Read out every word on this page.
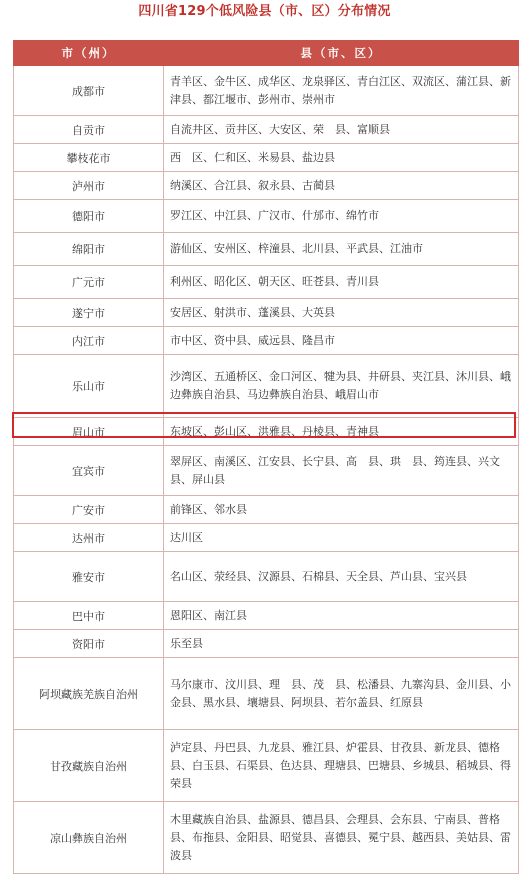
四川省129个低风险县（市、区）分布情况
市（州）	县（市、区）
成都市	青羊区、金牛区、成华区、龙泉驿区、青白江区、双流区、蒲江县、新津县、都江堰市、彭州市、崇州市
自贡市	自流井区、贡井区、大安区、荣　县、富顺县
攀枝花市	西　区、仁和区、米易县、盐边县
泸州市	纳溪区、合江县、叙永县、古蔺县
德阳市	罗江区、中江县、广汉市、什邡市、绵竹市
绵阳市	游仙区、安州区、梓潼县、北川县、平武县、江油市
广元市	利州区、昭化区、朝天区、旺苍县、青川县
遂宁市	安居区、射洪市、蓬溪县、大英县
内江市	市中区、资中县、威远县、隆昌市
乐山市	沙湾区、五通桥区、金口河区、犍为县、井研县、夹江县、沐川县、峨边彝族自治县、马边彝族自治县、峨眉山市
眉山市	东坡区、彭山区、洪雅县、丹棱县、青神县
宜宾市	翠屏区、南溪区、江安县、长宁县、高　县、珙　县、筠连县、兴文县、屏山县
广安市	前锋区、邻水县
达州市	达川区
雅安市	名山区、荥经县、汉源县、石棉县、天全县、芦山县、宝兴县
巴中市	恩阳区、南江县
资阳市	乐至县
阿坝藏族羌族自治州	马尔康市、汶川县、理　县、茂　县、松潘县、九寨沟县、金川县、小金县、黑水县、壤塘县、阿坝县、若尔盖县、红原县
甘孜藏族自治州	泸定县、丹巴县、九龙县、雅江县、炉霍县、甘孜县、新龙县、德格县、白玉县、石渠县、色达县、理塘县、巴塘县、乡城县、稻城县、得荣县
凉山彝族自治州	木里藏族自治县、盐源县、德昌县、会理县、会东县、宁南县、普格县、布拖县、金阳县、昭觉县、喜德县、冕宁县、越西县、美姑县、雷波县
